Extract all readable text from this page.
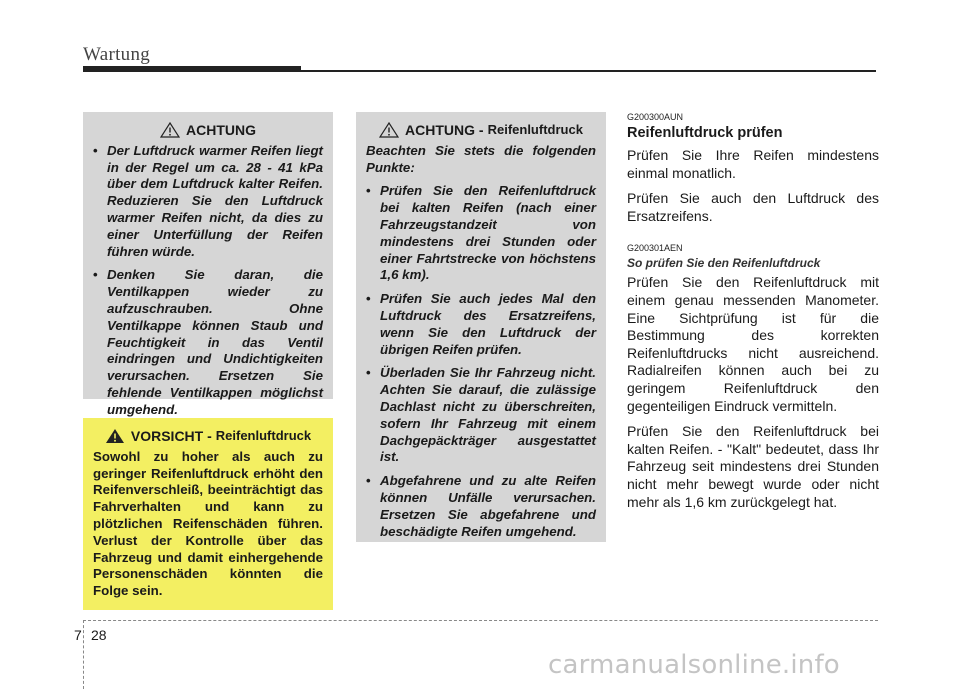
Wartung
ACHTUNG
• Der Luftdruck warmer Reifen liegt in der Regel um ca. 28 - 41 kPa über dem Luftdruck kalter Reifen. Reduzieren Sie den Luftdruck warmer Reifen nicht, da dies zu einer Unterfüllung der Reifen führen würde.
• Denken Sie daran, die Ventilkappen wieder zu aufzuschrauben. Ohne Ventilkappe können Staub und Feuchtigkeit in das Ventil eindringen und Undichtigkeiten verursachen. Ersetzen Sie fehlende Ventilkappen möglichst umgehend.
VORSICHT - Reifenluftdruck

Sowohl zu hoher als auch zu geringer Reifenluftdruck erhöht den Reifenverschleiß, beeinträchtigt das Fahrverhalten und kann zu plötzlichen Reifenschäden führen. Verlust der Kontrolle über das Fahrzeug und damit einhergehende Personenschäden könnten die Folge sein.

ACHTUNG - Reifenluftdruck

Beachten Sie stets die folgenden Punkte:

• Prüfen Sie den Reifenluftdruck bei kalten Reifen (nach einer Fahrzeugstandzeit von mindestens drei Stunden oder einer Fahrtstrecke von höchstens 1,6 km).
• Prüfen Sie auch jedes Mal den Luftdruck des Ersatzreifens, wenn Sie den Luftdruck der übrigen Reifen prüfen.
• Überladen Sie Ihr Fahrzeug nicht. Achten Sie darauf, die zulässige Dachlast nicht zu überschreiten, sofern Ihr Fahrzeug mit einem Dachgepäckträger ausgestattet ist.
• Abgefahrene und zu alte Reifen können Unfälle verursachen. Ersetzen Sie abgefahrene und beschädigte Reifen umgehend.

G200300AUN

Reifenluftdruck prüfen

Prüfen Sie Ihre Reifen mindestens einmal monatlich.

Prüfen Sie auch den Luftdruck des Ersatzreifens.

G200301AEN

So prüfen Sie den Reifenluftdruck

Prüfen Sie den Reifenluftdruck mit einem genau messenden Manometer. Eine Sichtprüfung ist für die Bestimmung des korrekten Reifenluftdrucks nicht ausreichend. Radialreifen können auch bei zu geringem Reifenluftdruck den gegenteiligen Eindruck vermitteln.

Prüfen Sie den Reifenluftdruck bei kalten Reifen. - "Kalt" bedeutet, dass Ihr Fahrzeug seit mindestens drei Stunden nicht mehr bewegt wurde oder nicht mehr als 1,6 km zurückgelegt hat.

7 28
carmanualsonline.info
